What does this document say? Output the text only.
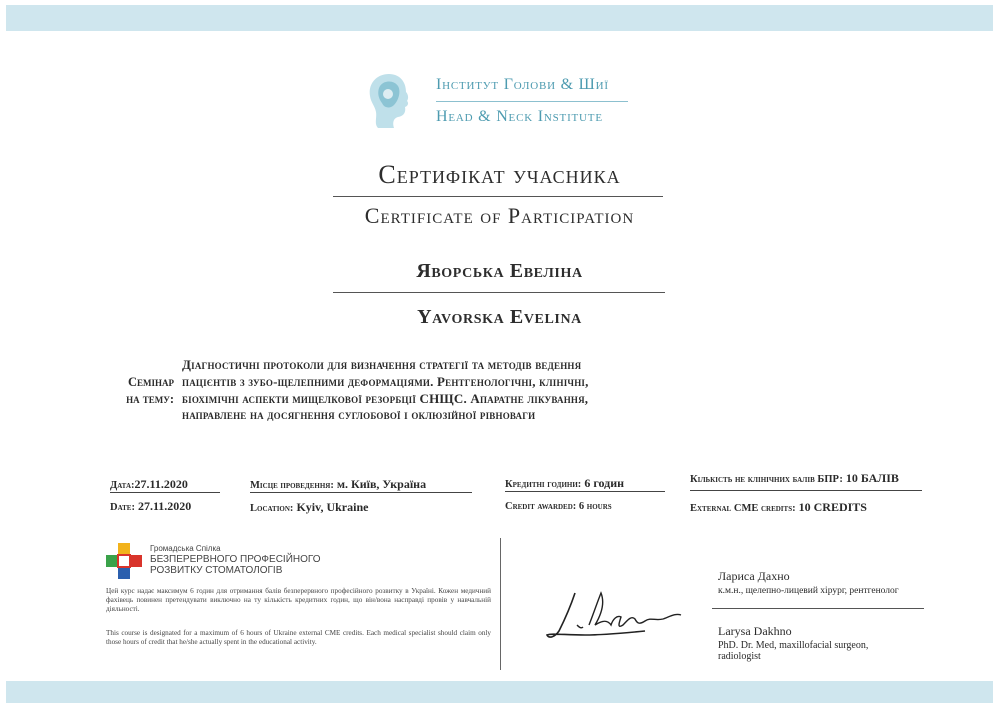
Інститут Голови & Шиї
Head & Neck Institute
Сертифікат учасника
Certificate of Participation
Яворська Евеліна
Yavorska Evelina
Семінар
на тему:
Діагностичні протоколи для визначення стратегії та методів ведення
пацієнтів з зубо-щелепними деформаціями. Рентгенологічні, клінічні,
біохімічні аспекти мищелкової резорбції СНЩС. Апаратне лікування,
направлене на досягнення суглобової і оклюзійної рівноваги
Дата:27.11.2020
Date: 27.11.2020
Місце проведення: м. Київ, Україна
Location: Kyiv, Ukraine
Кредитні години: 6 годин
Credit awarded: 6 hours
Кількість не клінічних балів БПР: 10 БАЛІВ
External CME credits: 10 CREDITS
Громадська Спілка
БЕЗПЕРЕРВНОГО ПРОФЕСІЙНОГО
РОЗВИТКУ СТОМАТОЛОГІВ
Цей курс надає максимум 6 годин для отримання балів безперервного професійного розвитку в Україні. Кожен медичний фахівець повинен претендувати виключно на ту кількість кредитних годин, що він/вона насправді провів у навчальній діяльності.
This course is designated for a maximum of 6 hours of Ukraine external CME credits. Each medical specialist should claim only those hours of credit that he/she actually spent in the educational activity.
Лариса Дахно
к.м.н., щелепно-лицевий хірург, рентгенолог
Larysa Dakhno
PhD. Dr. Med, maxillofacial surgeon,
radiologist
